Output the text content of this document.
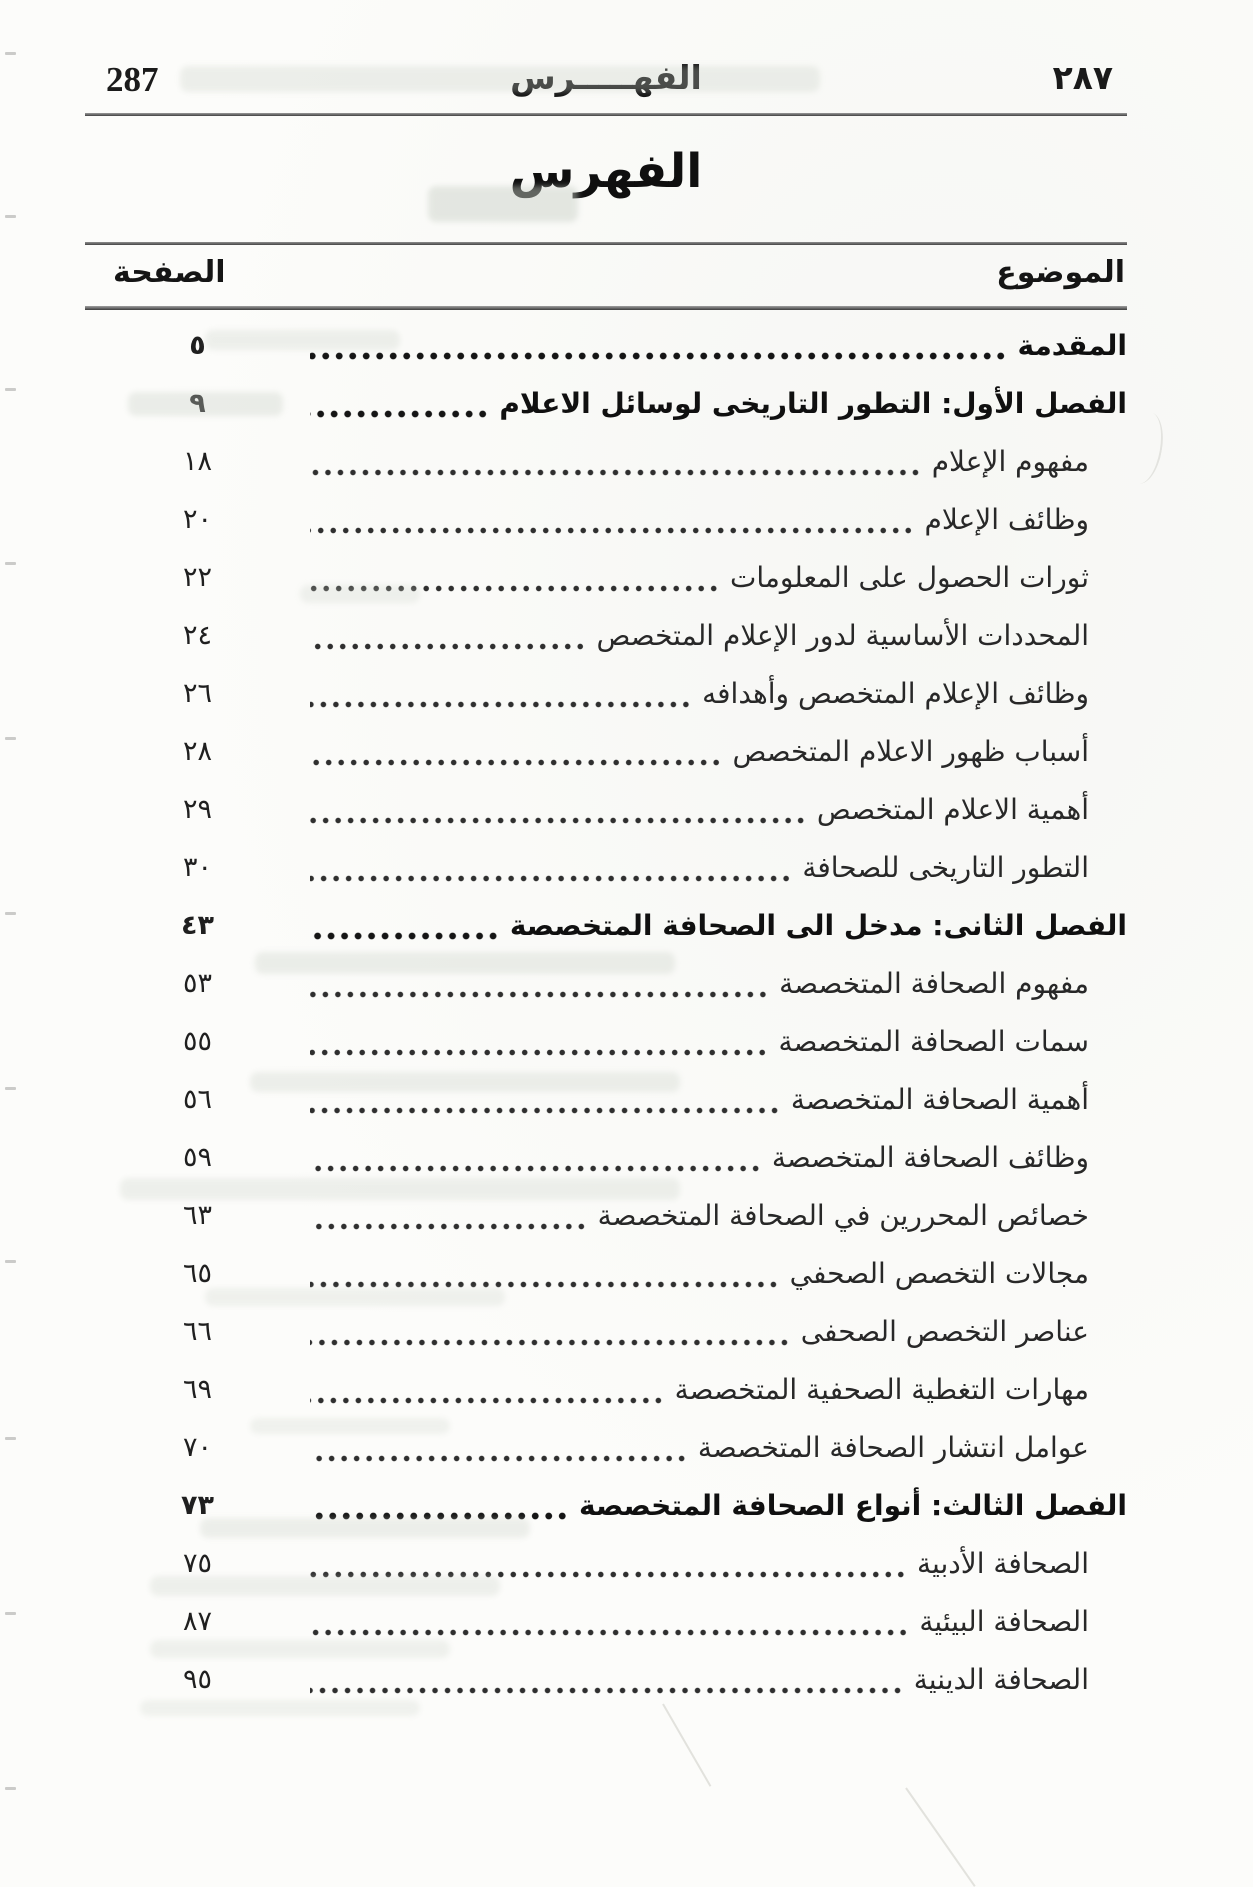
287	الفهـــــرس	٢٨٧
الفهرس
الموضوع
الصفحة
المقدمة
٥
الفصل الأول: التطور التاريخى لوسائل الاعلام
٩
مفهوم الإعلام
١٨
وظائف الإعلام
٢٠
ثورات الحصول على المعلومات
٢٢
المحددات الأساسية لدور الإعلام المتخصص
٢٤
وظائف الإعلام المتخصص وأهدافه
٢٦
أسباب ظهور الاعلام المتخصص
٢٨
أهمية الاعلام المتخصص
٢٩
التطور التاريخى للصحافة
٣٠
الفصل الثانى: مدخل الى الصحافة المتخصصة
٤٣
مفهوم الصحافة المتخصصة
٥٣
سمات الصحافة المتخصصة
٥٥
أهمية الصحافة المتخصصة
٥٦
وظائف الصحافة المتخصصة
٥٩
خصائص المحررين في الصحافة المتخصصة
٦٣
مجالات التخصص الصحفي
٦٥
عناصر التخصص الصحفى
٦٦
مهارات التغطية الصحفية المتخصصة
٦٩
عوامل انتشار الصحافة المتخصصة
٧٠
الفصل الثالث: أنواع الصحافة المتخصصة
٧٣
الصحافة الأدبية
٧٥
الصحافة البيئية
٨٧
الصحافة الدينية
٩٥
